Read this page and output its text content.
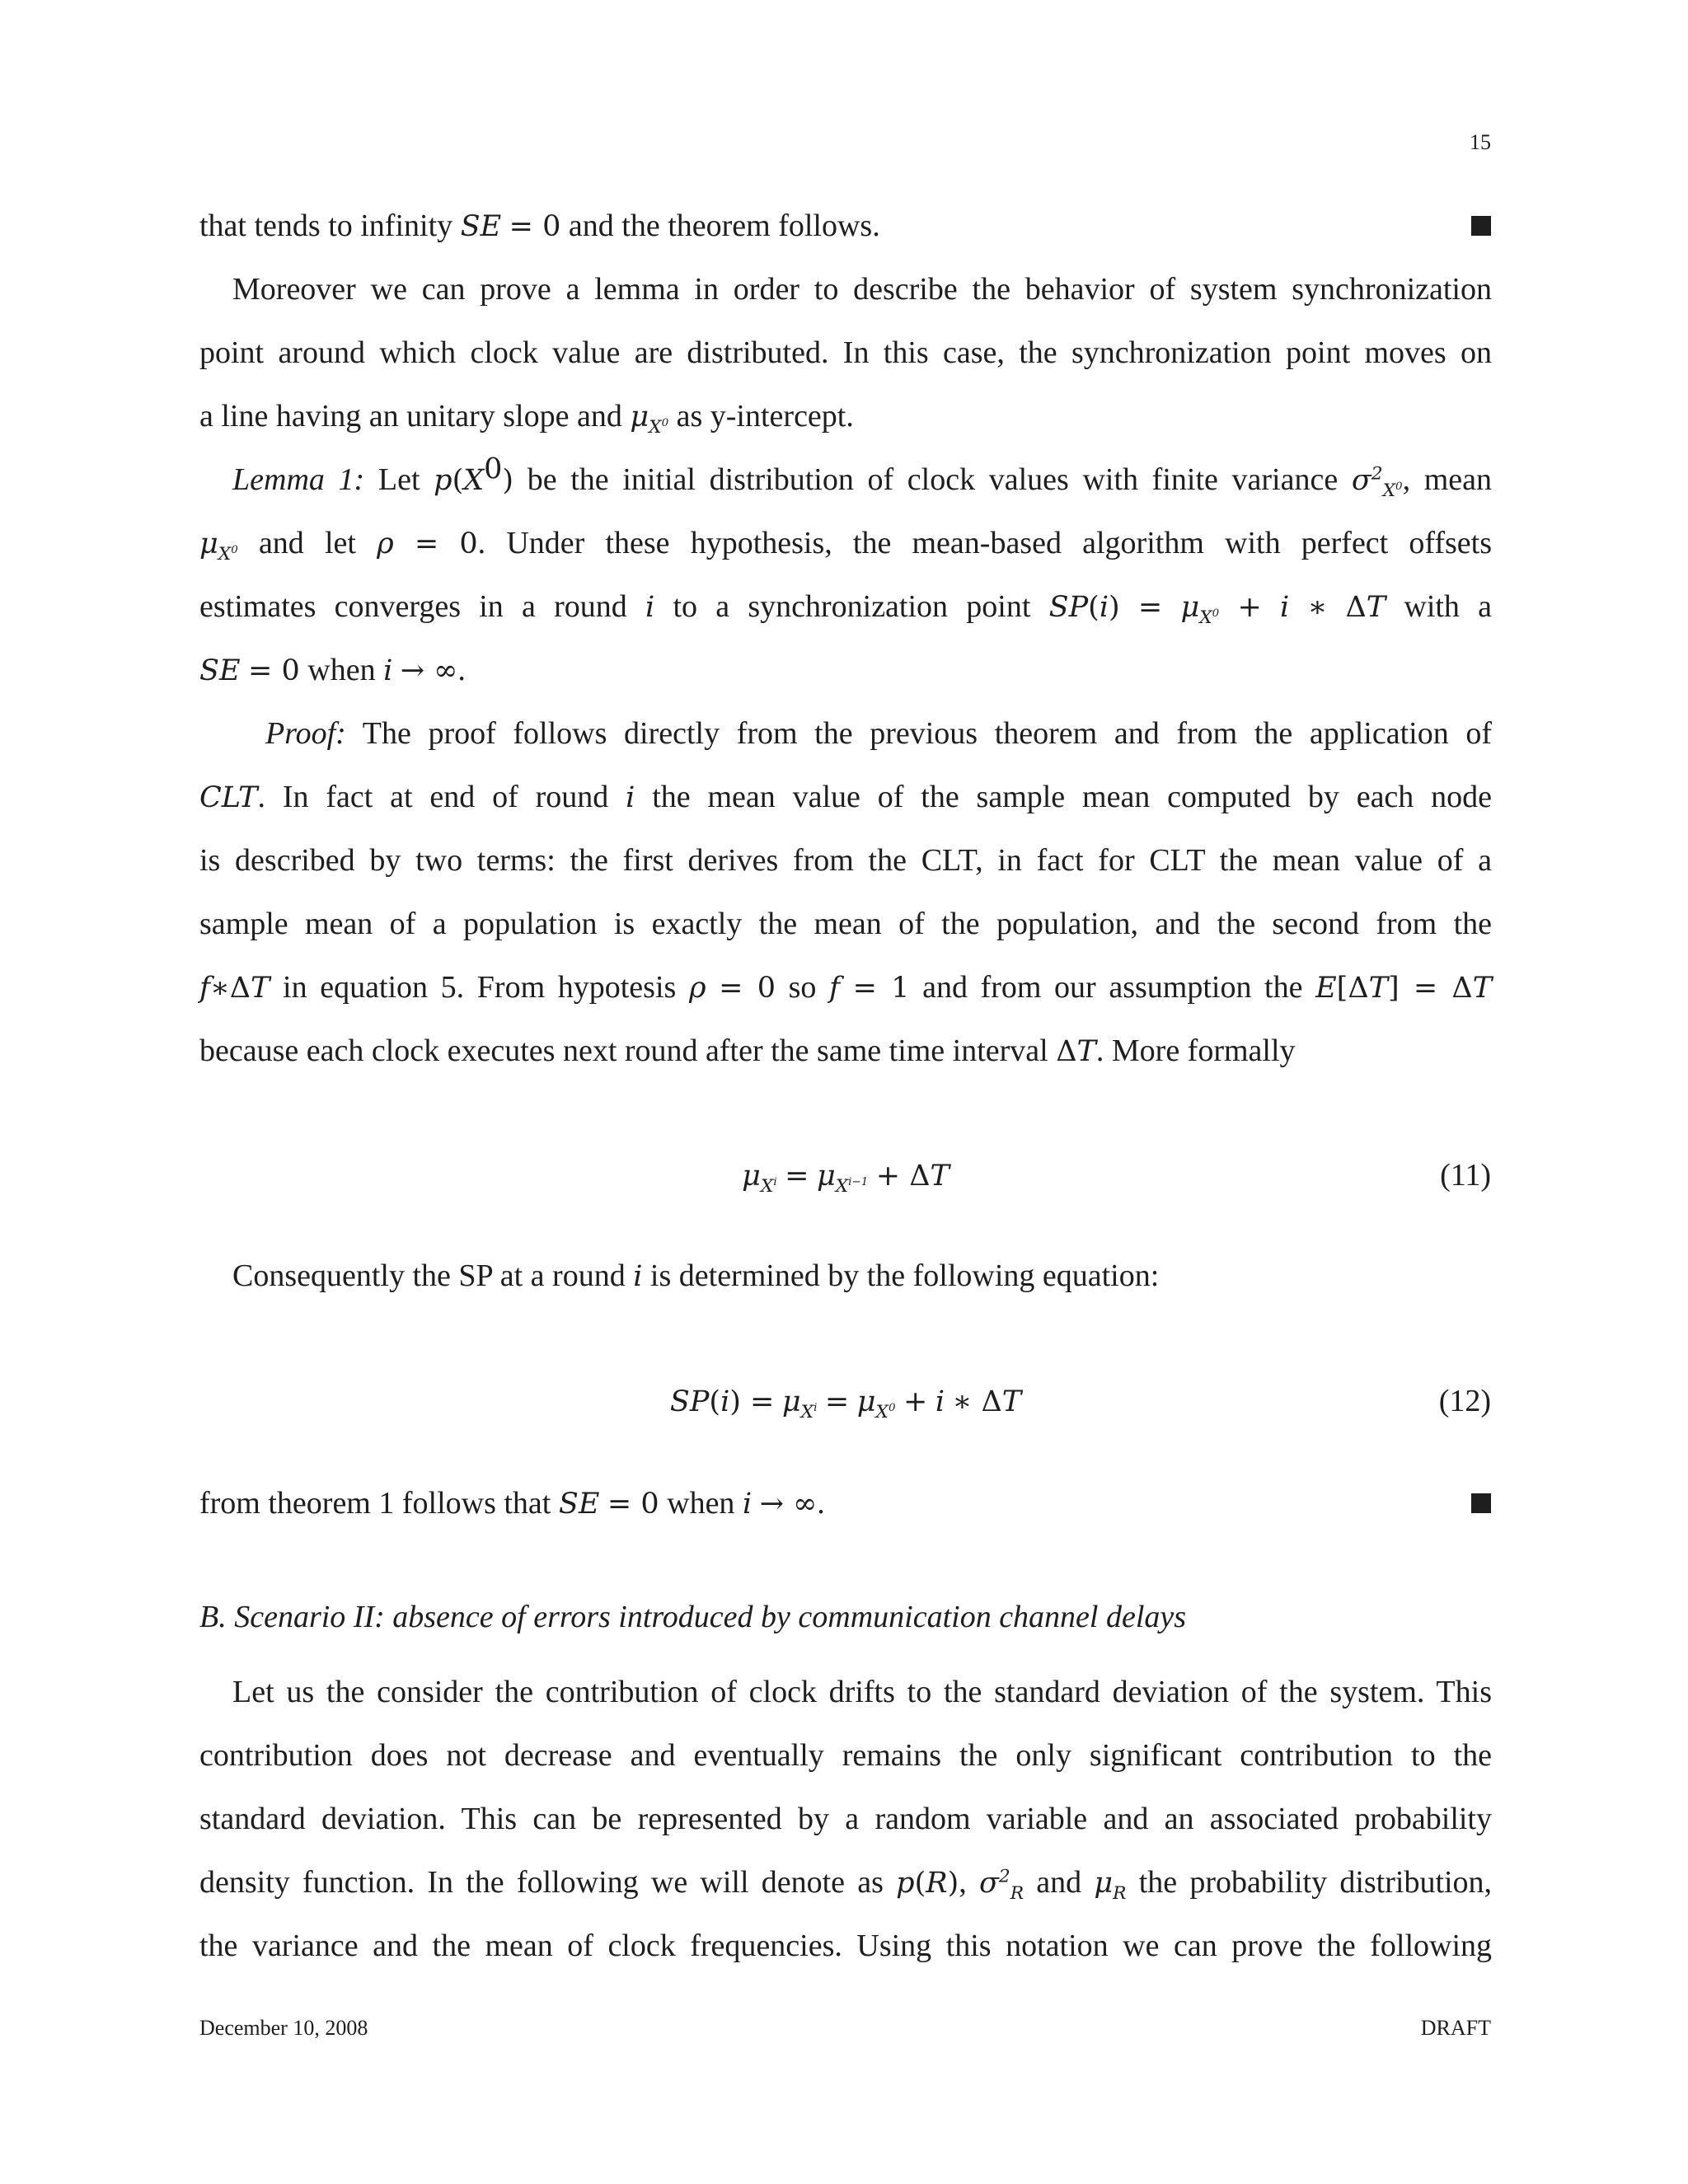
15
that tends to infinity SE = 0 and the theorem follows.
Moreover we can prove a lemma in order to describe the behavior of system synchronization
point around which clock value are distributed. In this case, the synchronization point moves on
a line having an unitary slope and $\mu_{X^0}$ as y-intercept.
Lemma 1: Let $p(X^0)$ be the initial distribution of clock values with finite variance $\sigma^2_{X^0}$, mean
$\mu_{X^0}$ and let ρ = 0. Under these hypothesis, the mean-based algorithm with perfect offsets
estimates converges in a round i to a synchronization point $SP(i) = \mu_{X^0} + i$ ∗ ΔT with a
SE = 0 when i → ∞.
Proof: The proof follows directly from the previous theorem and from the application of
CLT. In fact at end of round i the mean value of the sample mean computed by each node
is described by two terms: the first derives from the CLT, in fact for CLT the mean value of a
sample mean of a population is exactly the mean of the population, and the second from the
f∗ΔT in equation 5. From hypotesis ρ = 0 so f = 1 and from our assumption the E[ΔT] = ΔT
because each clock executes next round after the same time interval ΔT. More formally
$\mu_{X^i} = \mu_{X^{i-1}} + \Delta T$	(11)
Consequently the SP at a round i is determined by the following equation:
$SP(i) = \mu_{X^i} = \mu_{X^0} + i$ ∗ ΔT	(12)
from theorem 1 follows that SE = 0 when i → ∞.
B. Scenario II: absence of errors introduced by communication channel delays
Let us the consider the contribution of clock drifts to the standard deviation of the system. This
contribution does not decrease and eventually remains the only significant contribution to the
standard deviation. This can be represented by a random variable and an associated probability
density function. In the following we will denote as p(R), $\sigma^2_R$ and $\mu_R$ the probability distribution,
the variance and the mean of clock frequencies. Using this notation we can prove the following
December 10, 2008	DRAFT
